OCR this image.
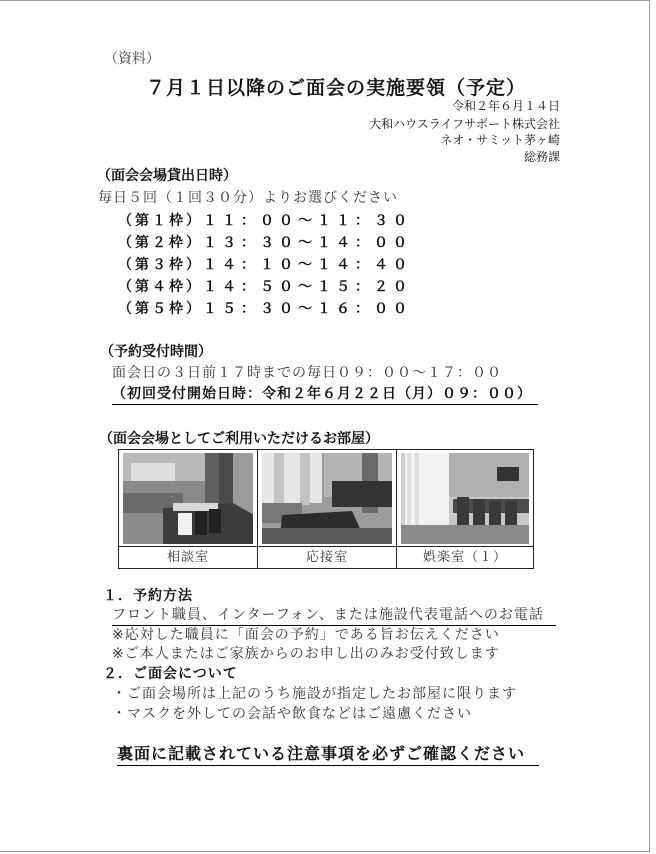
（資料）
７月１日以降のご面会の実施要領（予定）
令和２年６月１４日
大和ハウスライフサポート株式会社
ネオ・サミット茅ヶ崎
総務課
（面会会場貸出日時）
毎日５回（１回３０分）よりお選びください
（第１枠）１１：００～１１：３０
（第２枠）１３：３０～１４：００
（第３枠）１４：１０～１４：４０
（第４枠）１４：５０～１５：２０
（第５枠）１５：３０～１６：００
（予約受付時間）
面会日の３日前１７時までの毎日０９：００～１７：００
（初回受付開始日時：令和２年６月２２日（月）０９：００）
（面会会場としてご利用いただけるお部屋）
相談室	応接室	娯楽室（１）
１．予約方法
フロント職員、インターフォン、または施設代表電話へのお電話
※応対した職員に「面会の予約」である旨お伝えください
※ご本人またはご家族からのお申し出のみお受付致します
２．ご面会について
・ご面会場所は上記のうち施設が指定したお部屋に限ります
・マスクを外しての会話や飲食などはご遠慮ください
裏面に記載されている注意事項を必ずご確認ください
